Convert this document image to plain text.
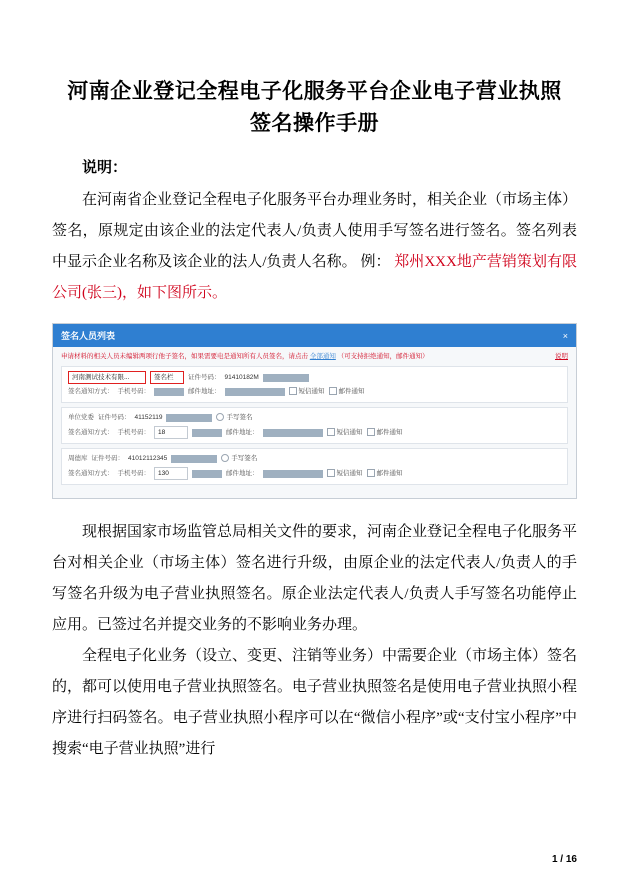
河南企业登记全程电子化服务平台企业电子营业执照签名操作手册
说明：

在河南省企业登记全程电子化服务平台办理业务时，相关企业（市场主体）签名，原规定由该企业的法定代表人/负责人使用手写签名进行签名。签名列表中显示企业名称及该企业的法人/负责人名称。 例： 郑州XXX地产营销策划有限公司(张三)，如下图所示。

签名人员列表	×
申请材料的相关人员未编辑两项行他子签名，如果需要电是通知所有人员签名，请点击 全部通知 （可支持拒绝通知，邮件通知）	说明
河南测试技术有限...	签名栏	证件号码： 91410182M
签名通知方式： 手机号码：	邮件地址：	短信通知	邮件通知
单位党委 证件号码： 41152119	手写签名
签名通知方式： 手机号码：	18	邮件地址：	短信通知	邮件通知
周德库 证件号码： 41012112345	手写签名
签名通知方式： 手机号码：	130	邮件地址：	短信通知	邮件通知

现根据国家市场监管总局相关文件的要求，河南企业登记全程电子化服务平台对相关企业（市场主体）签名进行升级，由原企业的法定代表人/负责人的手写签名升级为电子营业执照签名。原企业法定代表人/负责人手写签名功能停止应用。已签过名并提交业务的不影响业务办理。

全程电子化业务（设立、变更、注销等业务）中需要企业（市场主体）签名的，都可以使用电子营业执照签名。电子营业执照签名是使用电子营业执照小程序进行扫码签名。电子营业执照小程序可以在“微信小程序”或“支付宝小程序”中搜索“电子营业执照”进行

1 / 16
